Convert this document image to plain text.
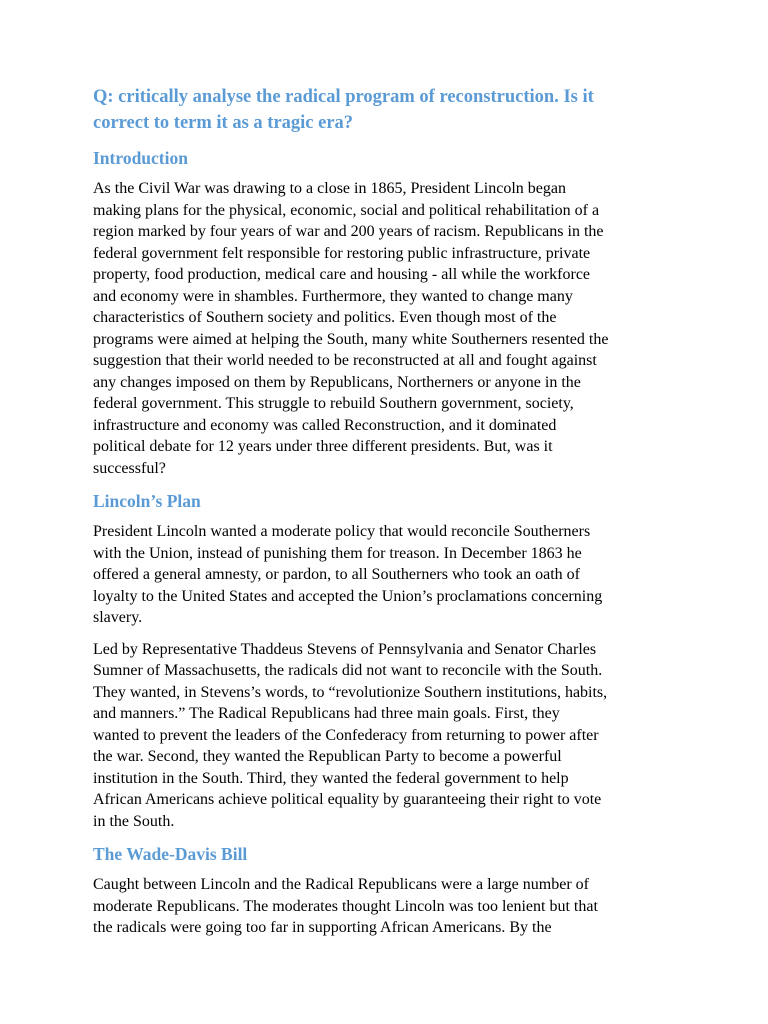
Q: critically analyse the radical program of reconstruction. Is it
correct to term it as a tragic era?
Introduction
As the Civil War was drawing to a close in 1865, President Lincoln began
making plans for the physical, economic, social and political rehabilitation of a
region marked by four years of war and 200 years of racism. Republicans in the
federal government felt responsible for restoring public infrastructure, private
property, food production, medical care and housing - all while the workforce
and economy were in shambles. Furthermore, they wanted to change many
characteristics of Southern society and politics. Even though most of the
programs were aimed at helping the South, many white Southerners resented the
suggestion that their world needed to be reconstructed at all and fought against
any changes imposed on them by Republicans, Northerners or anyone in the
federal government. This struggle to rebuild Southern government, society,
infrastructure and economy was called Reconstruction, and it dominated
political debate for 12 years under three different presidents. But, was it
successful?
Lincoln’s Plan
President Lincoln wanted a moderate policy that would reconcile Southerners
with the Union, instead of punishing them for treason. In December 1863 he
offered a general amnesty, or pardon, to all Southerners who took an oath of
loyalty to the United States and accepted the Union’s proclamations concerning
slavery.
Led by Representative Thaddeus Stevens of Pennsylvania and Senator Charles
Sumner of Massachusetts, the radicals did not want to reconcile with the South.
They wanted, in Stevens’s words, to “revolutionize Southern institutions, habits,
and manners.” The Radical Republicans had three main goals. First, they
wanted to prevent the leaders of the Confederacy from returning to power after
the war. Second, they wanted the Republican Party to become a powerful
institution in the South. Third, they wanted the federal government to help
African Americans achieve political equality by guaranteeing their right to vote
in the South.
The Wade-Davis Bill
Caught between Lincoln and the Radical Republicans were a large number of
moderate Republicans. The moderates thought Lincoln was too lenient but that
the radicals were going too far in supporting African Americans. By the
